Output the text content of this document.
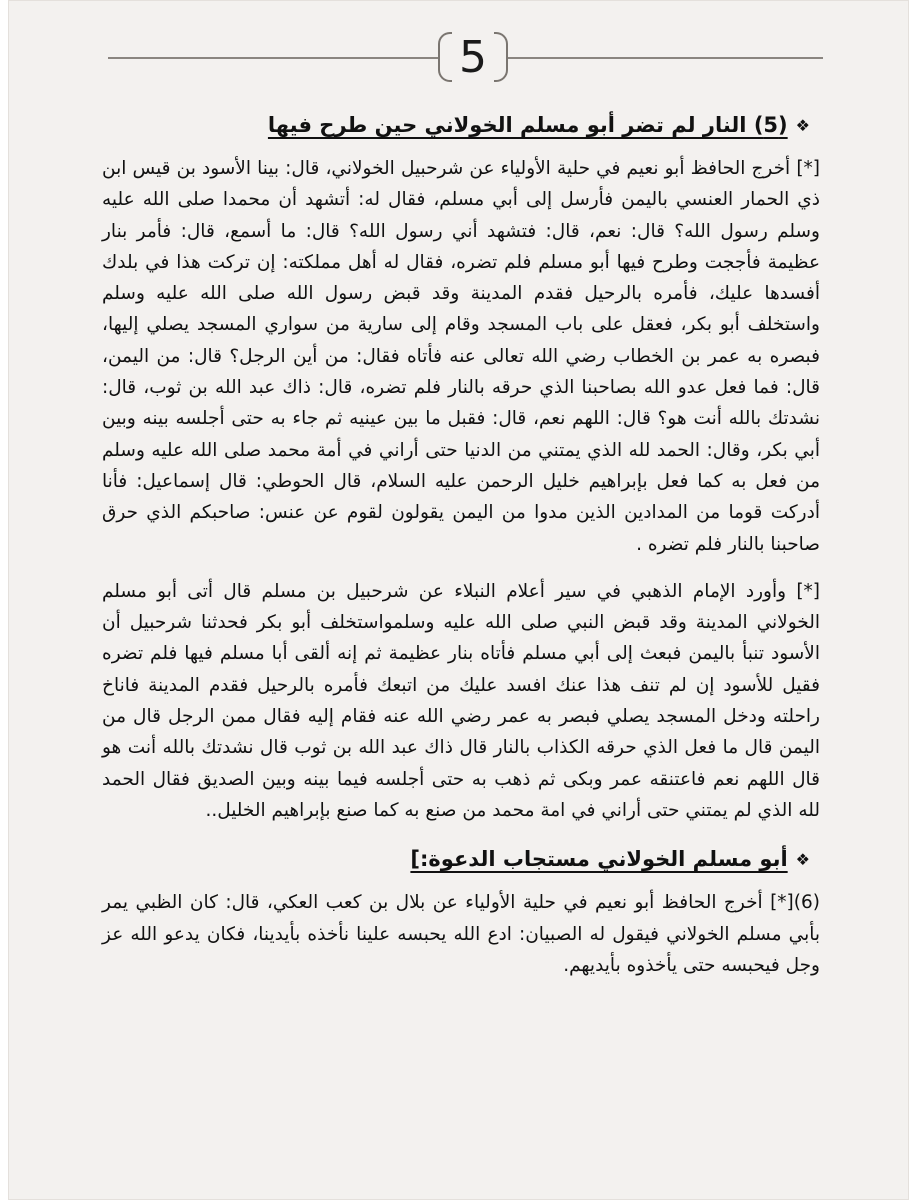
5
❖(5) النار لم تضر أبو مسلم الخولاني حين طرح فيها

[*] أخرج الحافظ أبو نعيم في حلية الأولياء عن شرحبيل الخولاني، قال: بينا الأسود بن قيس ابن ذي الحمار العنسي باليمن فأرسل إلى أبي مسلم، فقال له: أتشهد أن محمدا صلى الله عليه وسلم رسول الله؟ قال: نعم، قال: فتشهد أني رسول الله؟ قال: ما أسمع، قال: فأمر بنار عظيمة فأججت وطرح فيها أبو مسلم فلم تضره، فقال له أهل مملكته: إن تركت هذا في بلدك أفسدها عليك، فأمره بالرحيل فقدم المدينة وقد قبض رسول الله صلى الله عليه وسلم واستخلف أبو بكر، فعقل على باب المسجد وقام إلى سارية من سواري المسجد يصلي إليها، فبصره به عمر بن الخطاب رضي الله تعالى عنه فأتاه فقال: من أين الرجل؟ قال: من اليمن، قال: فما فعل عدو الله بصاحبنا الذي حرقه بالنار فلم تضره، قال: ذاك عبد الله بن ثوب، قال: نشدتك بالله أنت هو؟ قال: اللهم نعم، قال: فقبل ما بين عينيه ثم جاء به حتى أجلسه بينه وبين أبي بكر، وقال: الحمد لله الذي يمتني من الدنيا حتى أراني في أمة محمد صلى الله عليه وسلم من فعل به كما فعل بإبراهيم خليل الرحمن عليه السلام، قال الحوطي: قال إسماعيل: فأنا أدركت قوما من المدادين الذين مدوا من اليمن يقولون لقوم عن عنس: صاحبكم الذي حرق صاحبنا بالنار فلم تضره .

[*] وأورد الإمام الذهبي في سير أعلام النبلاء عن شرحبيل بن مسلم قال أتى أبو مسلم الخولاني المدينة وقد قبض النبي صلى الله عليه وسلمواستخلف أبو بكر فحدثنا شرحبيل أن الأسود تنبأ باليمن فبعث إلى أبي مسلم فأتاه بنار عظيمة ثم إنه ألقى أبا مسلم فيها فلم تضره فقيل للأسود إن لم تنف هذا عنك افسد عليك من اتبعك فأمره بالرحيل فقدم المدينة فاناخ راحلته ودخل المسجد يصلي فبصر به عمر رضي الله عنه فقام إليه فقال ممن الرجل قال من اليمن قال ما فعل الذي حرقه الكذاب بالنار قال ذاك عبد الله بن ثوب قال نشدتك بالله أنت هو قال اللهم نعم فاعتنقه عمر وبكى ثم ذهب به حتى أجلسه فيما بينه وبين الصديق فقال الحمد لله الذي لم يمتني حتى أراني في امة محمد من صنع به كما صنع بإبراهيم الخليل..

❖أبو مسلم الخولاني مستجاب الدعوة:]

(6)[*] أخرج الحافظ أبو نعيم في حلية الأولياء عن بلال بن كعب العكي، قال: كان الظبي يمر بأبي مسلم الخولاني فيقول له الصبيان: ادع الله يحبسه علينا نأخذه بأيدينا، فكان يدعو الله عز وجل فيحبسه حتى يأخذوه بأيديهم.
